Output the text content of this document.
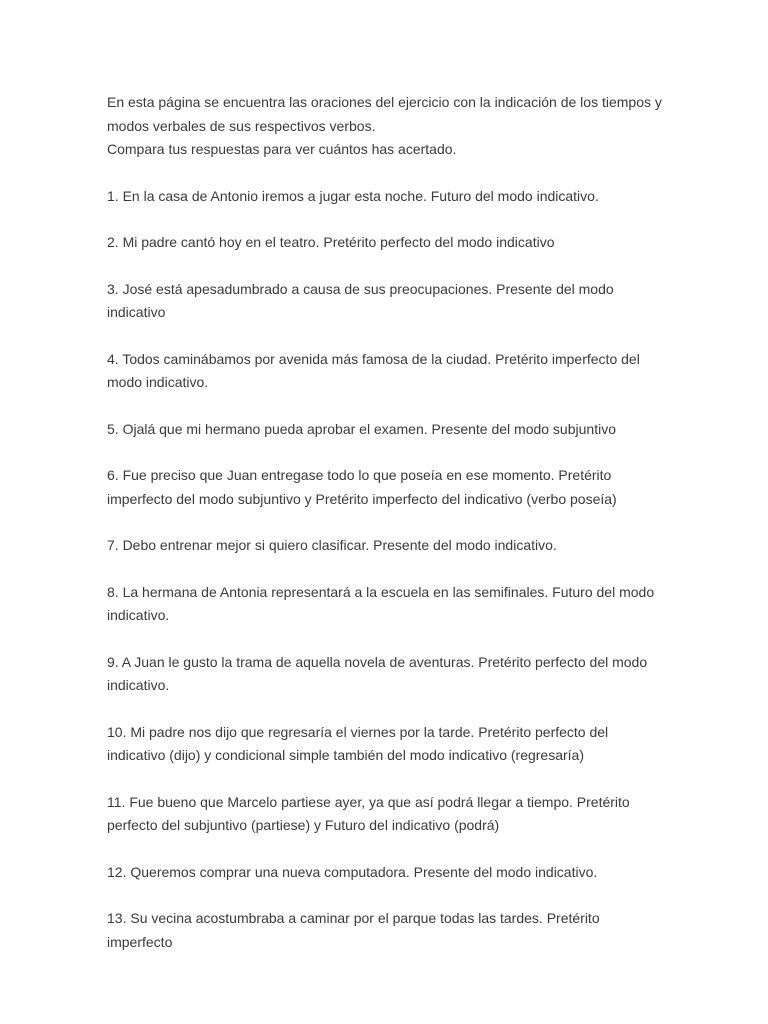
En esta página se encuentra las oraciones del ejercicio con la indicación de los tiempos y modos verbales de sus respectivos verbos.
Compara tus respuestas para ver cuántos has acertado.

1. En la casa de Antonio iremos a jugar esta noche. Futuro del modo indicativo.

2. Mi padre cantó hoy en el teatro. Pretérito perfecto del modo indicativo

3. José está apesadumbrado a causa de sus preocupaciones. Presente del modo indicativo

4. Todos caminábamos por avenida más famosa de la ciudad. Pretérito imperfecto del modo indicativo.

5. Ojalá que mi hermano pueda aprobar el examen. Presente del modo subjuntivo

6. Fue preciso que Juan entregase todo lo que poseía en ese momento. Pretérito imperfecto del modo subjuntivo y Pretérito imperfecto del indicativo (verbo poseía)

7. Debo entrenar mejor si quiero clasificar. Presente del modo indicativo.

8. La hermana de Antonia representará a la escuela en las semifinales. Futuro del modo indicativo.

9. A Juan le gusto la trama de aquella novela de aventuras. Pretérito perfecto del modo indicativo.

10. Mi padre nos dijo que regresaría el viernes por la tarde. Pretérito perfecto del indicativo (dijo) y condicional simple también del modo indicativo (regresaría)

11. Fue bueno que Marcelo partiese ayer, ya que así podrá llegar a tiempo. Pretérito perfecto del subjuntivo (partiese) y Futuro del indicativo (podrá)

12. Queremos comprar una nueva computadora. Presente del modo indicativo.

13. Su vecina acostumbraba a caminar por el parque todas las tardes. Pretérito imperfecto
